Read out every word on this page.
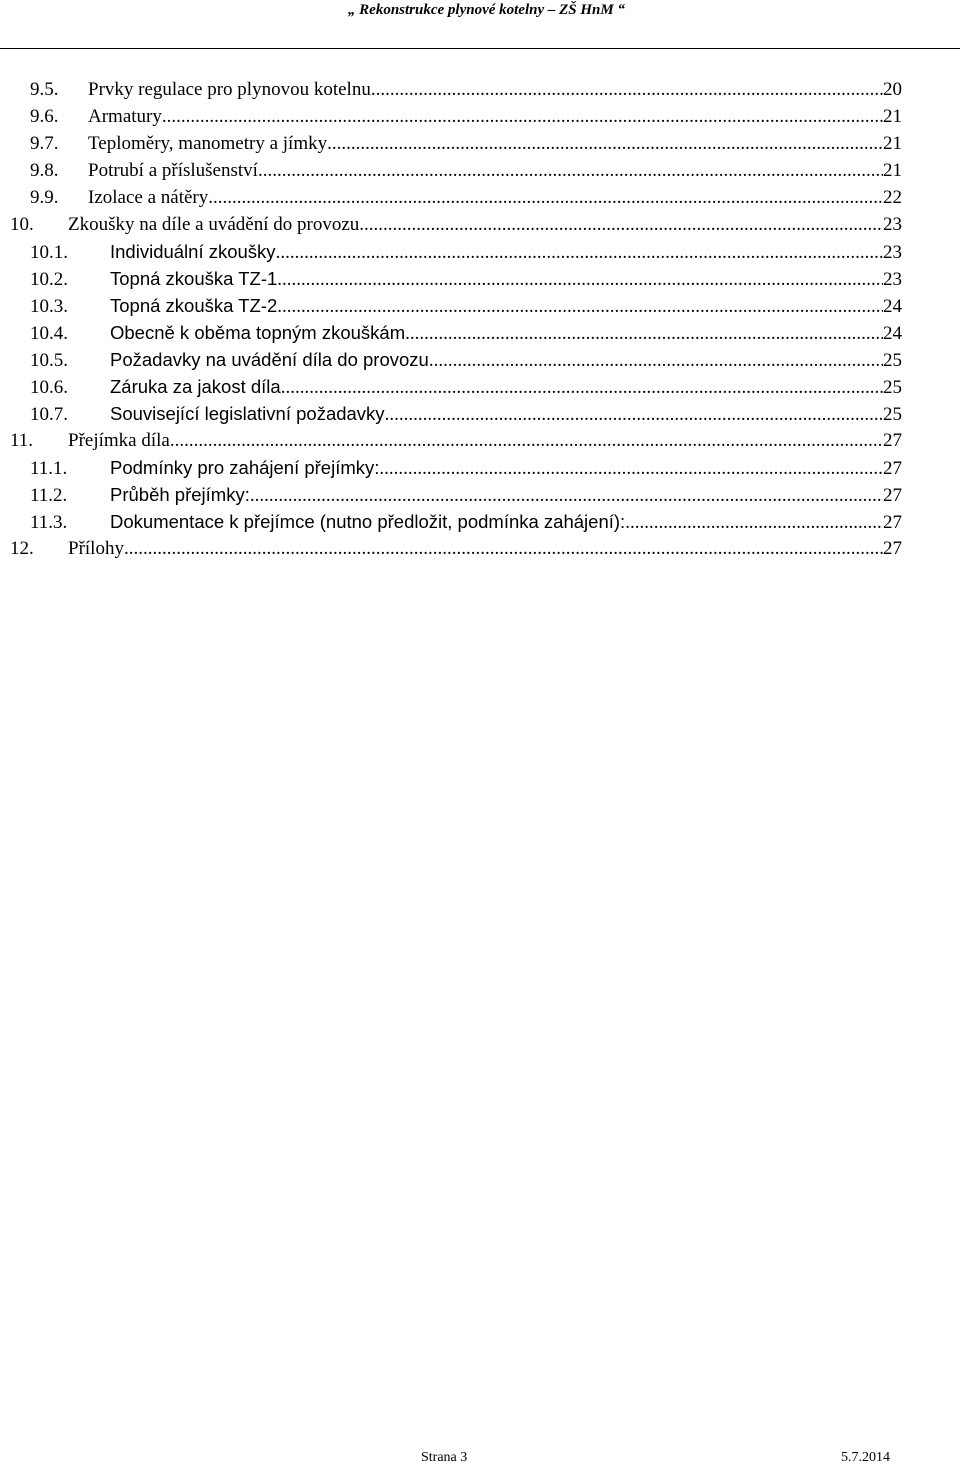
„ Rekonstrukce plynové kotelny – ZŠ HnM “
9.5.	Prvky regulace pro plynovou kotelnu .....	20
9.6.	Armatury .....	21
9.7.	Teploměry, manometry a jímky .....	21
9.8.	Potrubí a příslušenství .....	21
9.9.	Izolace a nátěry .....	22
10.	Zkoušky na díle a uvádění do provozu .....	23
10.1.	Individuální zkoušky .....	23
10.2.	Topná zkouška TZ-1 .....	23
10.3.	Topná zkouška TZ-2 .....	24
10.4.	Obecně k oběma topným zkouškám .....	24
10.5.	Požadavky na uvádění díla do provozu .....	25
10.6.	Záruka za jakost díla .....	25
10.7.	Související legislativní požadavky .....	25
11.	Přejímka díla .....	27
11.1.	Podmínky pro zahájení přejímky: .....	27
11.2.	Průběh přejímky: .....	27
11.3.	Dokumentace k přejímce (nutno předložit, podmínka zahájení): .....	27
12.	Přílohy .....	27
Strana 3	5.7.2014
